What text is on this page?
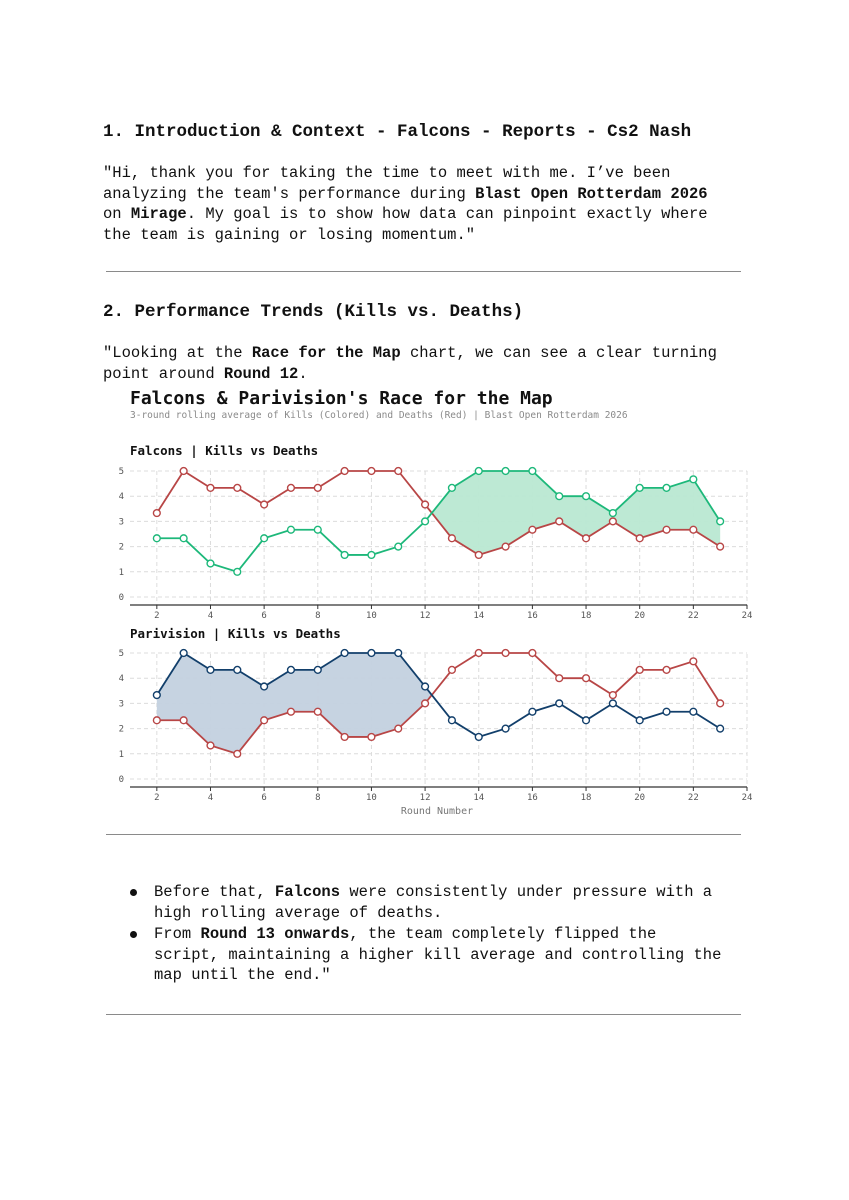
1. Introduction & Context - Falcons - Reports - Cs2 Nash
"Hi, thank you for taking the time to meet with me. I’ve been
analyzing the team's performance during Blast Open Rotterdam 2026
on Mirage. My goal is to show how data can pinpoint exactly where
the team is gaining or losing momentum."
2. Performance Trends (Kills vs. Deaths)
"Looking at the Race for the Map chart, we can see a clear turning
point around Round 12.
Falcons & Parivision's Race for the Map
3-round rolling average of Kills (Colored) and Deaths (Red) | Blast Open Rotterdam 2026
Falcons | Kills vs Deaths
0
1
2
3
4
5
2	4	6	8	10	12	14	16	18	20	22	24
Parivision | Kills vs Deaths
0
1
2
3
4
5
2	4	6	8	10	12	14	16	18	20	22	24
Round Number
Before that, Falcons were consistently under pressure with a
high rolling average of deaths.
From Round 13 onwards, the team completely flipped the
script, maintaining a higher kill average and controlling the
map until the end."
